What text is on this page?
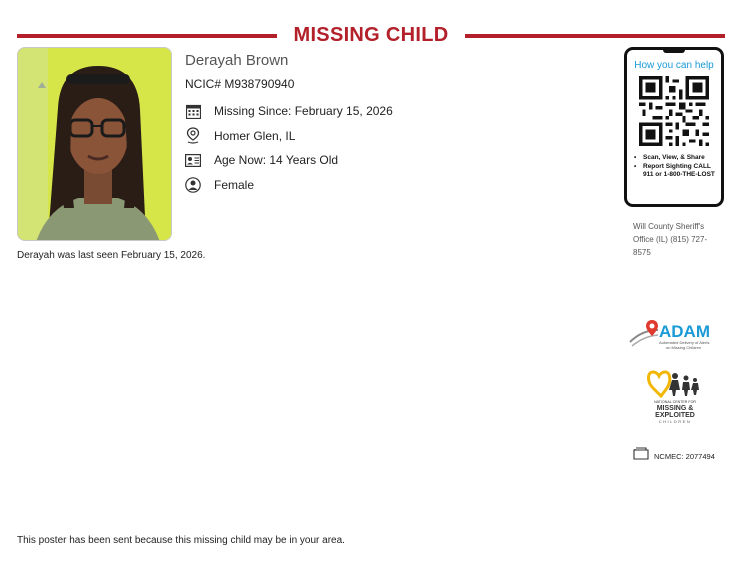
MISSING CHILD
Derayah Brown
NCIC# M938790940
Missing Since: February 15, 2026
Homer Glen, IL
Age Now: 14 Years Old
Female
Derayah was last seen February 15, 2026.
How you can help
• Scan, View, & Share
• Report Sighting CALL 911 or 1-800-THE-LOST
Will County Sheriff's Office (IL) (815) 727-8575
ADAM
Automated Delivery of Alerts
on Missing Children
NATIONAL CENTER FOR
MISSING &
EXPLOITED
CHILDREN
NCMEC: 2077494
This poster has been sent because this missing child may be in your area.
